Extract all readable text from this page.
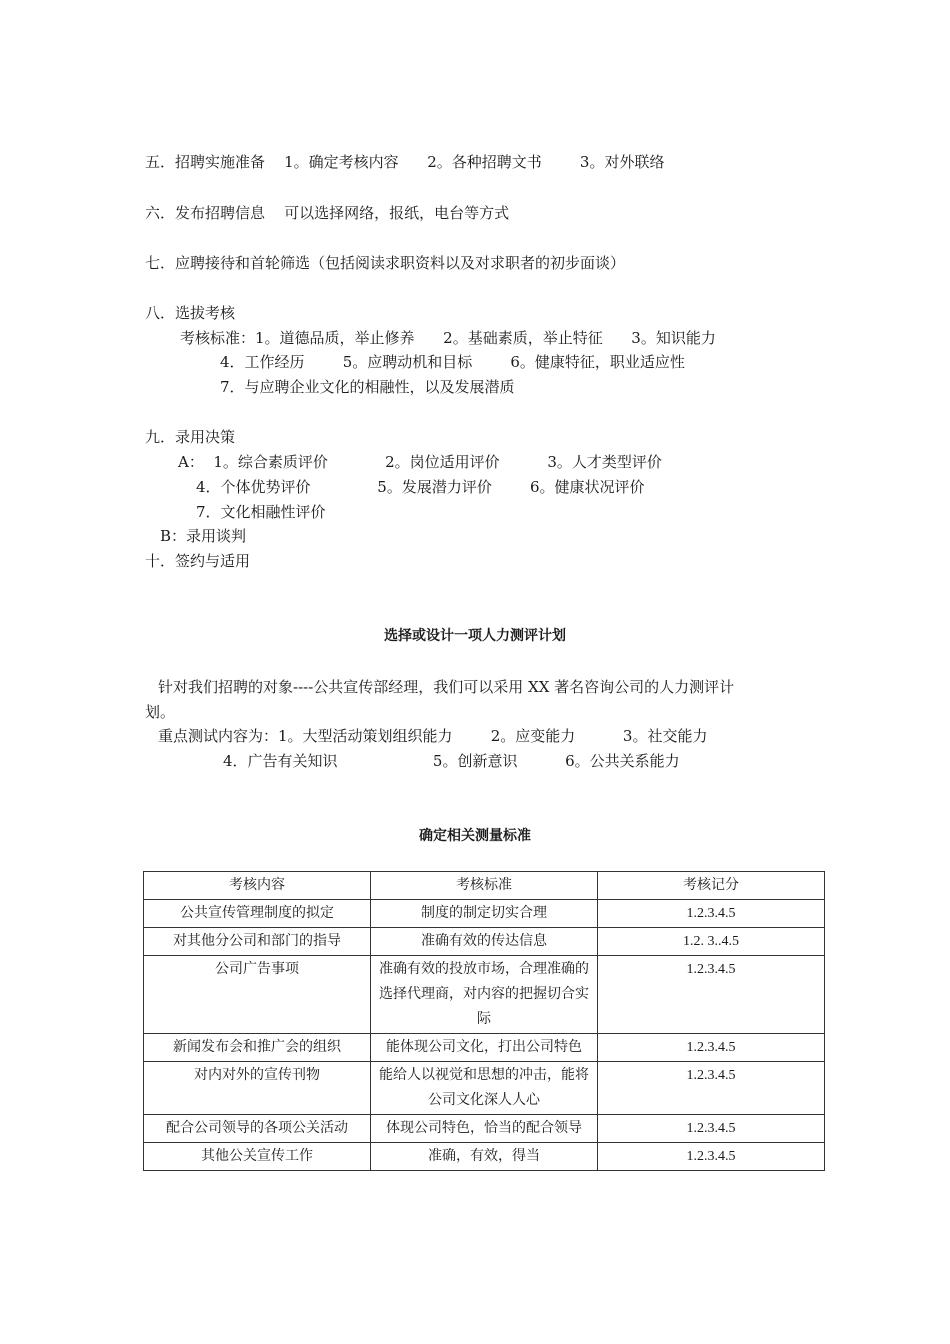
五．招聘实施准备    1。确定考核内容      2。各种招聘文书        3。对外联络
六．发布招聘信息    可以选择网络，报纸，电台等方式
七．应聘接待和首轮筛选（包括阅读求职资料以及对求职者的初步面谈）
八．选拔考核
考核标准：1。道德品质，举止修养      2。基础素质，举止特征      3。知识能力
4．工作经历        5。应聘动机和目标        6。健康特征，职业适应性
7．与应聘企业文化的相融性，以及发展潜质
九．录用决策
A：  1。综合素质评价            2。岗位适用评价          3。人才类型评价
4．个体优势评价              5。发展潜力评价        6。健康状况评价
7．文化相融性评价
B：录用谈判
十．签约与适用
选择或设计一项人力测评计划
针对我们招聘的对象----公共宣传部经理，我们可以采用 XX 著名咨询公司的人力测评计
划。
重点测试内容为：1。大型活动策划组织能力        2。应变能力          3。社交能力
4．广告有关知识                    5。创新意识          6。公共关系能力
确定相关测量标准
考核内容	考核标准	考核记分
公共宣传管理制度的拟定	制度的制定切实合理	1.2.3.4.5
对其他分公司和部门的指导	准确有效的传达信息	1.2. 3..4.5
公司广告事项	准确有效的投放市场，合理准确的选择代理商，对内容的把握切合实际	1.2.3.4.5
新闻发布会和推广会的组织	能体现公司文化，打出公司特色	1.2.3.4.5
对内对外的宣传刊物	能给人以视觉和思想的冲击，能将公司文化深人人心	1.2.3.4.5
配合公司领导的各项公关活动	体现公司特色，恰当的配合领导	1.2.3.4.5
其他公关宣传工作	准确，有效，得当	1.2.3.4.5
